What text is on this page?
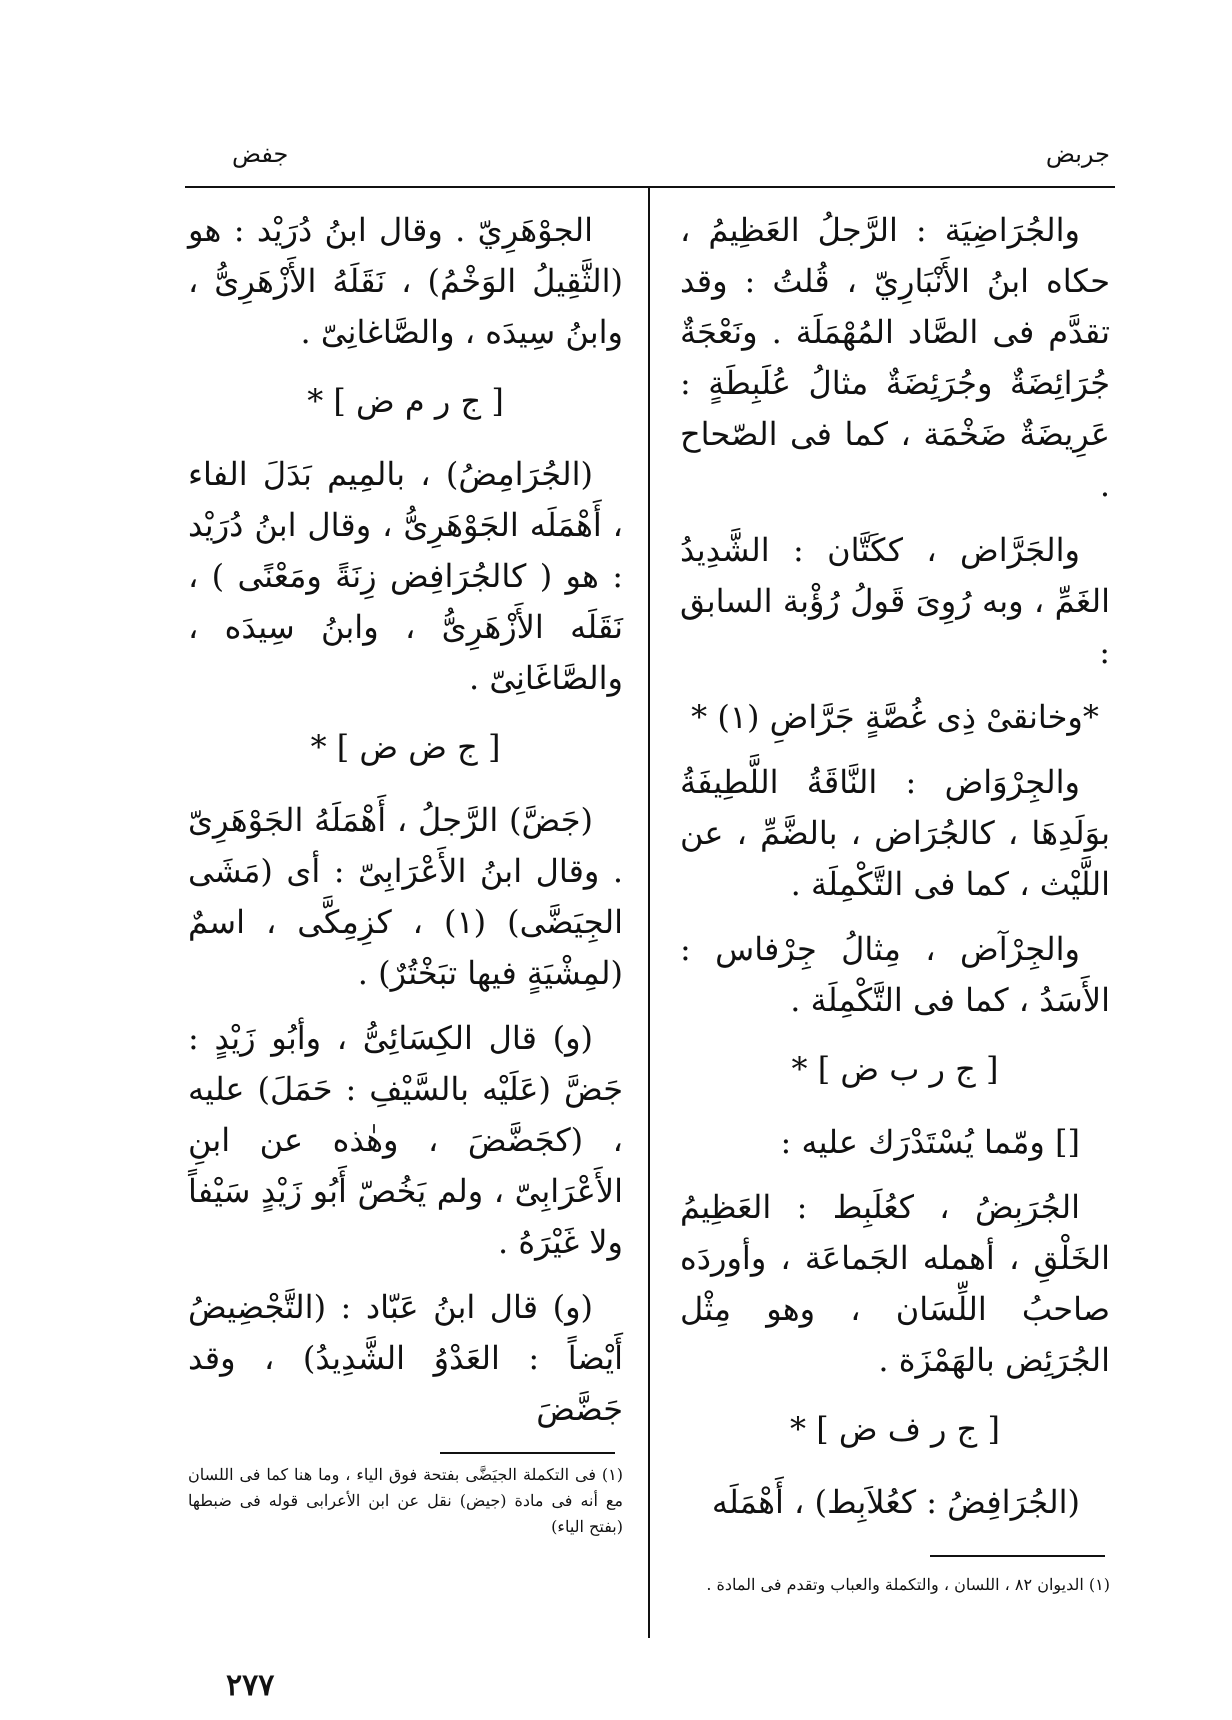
جربض
جفض

والجُرَاضِيَة : الرَّجلُ العَظِيمُ ، حكاه ابنُ الأَنْبَارِيّ ، قُلتُ : وقد تقدَّم فى الصَّاد المُهْمَلَة . ونَعْجَةٌ جُرَائِضَةٌ وجُرَئِضَةٌ مثالُ عُلَبِطَةٍ : عَرِيضَةٌ ضَخْمَة ، كما فى الصّحاح .

والجَرَّاض ، ككَتَّان : الشَّدِيدُ الغَمِّ ، وبه رُوِىَ قَولُ رُؤْبة السابق :

*وخانقىْ ذِى غُصَّةٍ جَرَّاضِ (١) *

والجِرْوَاض : النَّاقَةُ اللَّطِيفَةُ بوَلَدِهَا ، كالجُرَاض ، بالضَّمِّ ، عن اللَّيْث ، كما فى التَّكْمِلَة .

والجِرْآض ، مِثالُ جِرْفاس : الأَسَدُ ، كما فى التَّكْمِلَة .

[ ج ر ب ض ] *

[] ومّما يُسْتَدْرَك عليه :

الجُرَبِضُ ، كعُلَبِط : العَظِيمُ الخَلْقِ ، أهمله الجَماعَة ، وأوردَه صاحبُ اللِّسَان ، وهو مِثْل الجُرَئِض بالهَمْزَة .

[ ج ر ف ض ] *

(الجُرَافِضُ : كعُلاَبِط) ، أَهْمَلَه

الجوْهَرِيّ . وقال ابنُ دُرَيْد : هو (الثَّقِيلُ الوَخْمُ) ، نَقَلَهُ الأَزْهَرِىُّ ، وابنُ سِيدَه ، والصَّاغانِىّ .

[ ج ر م ض ] *

(الجُرَامِضُ) ، بالمِيم بَدَلَ الفاء ، أَهْمَلَه الجَوْهَرِىُّ ، وقال ابنُ دُرَيْد : هو ( كالجُرَافِض زِنَةً ومَعْنًى ) ، نَقَلَه الأَزْهَرِىُّ ، وابنُ سِيدَه ، والصَّاغَانِىّ .

[ ج ض ض ] *

(جَضَّ) الرَّجلُ ، أَهْمَلَهُ الجَوْهَرِىّ . وقال ابنُ الأَعْرَابِىّ : أى (مَشَى الجِيَضَّى) (١) ، كزِمِكَّى ، اسمٌ (لمِشْيَةٍ فيها تبَخْتُرٌ) .

(و) قال الكِسَائِىُّ ، وأبُو زَيْدٍ : جَضَّ (عَلَيْه بالسَّيْفِ : حَمَلَ) عليه ، (كجَضَّضَ ، وهٰذه عن ابنِ الأَعْرَابِىّ ، ولم يَخُصّ أَبُو زَيْدٍ سَيْفاً ولا غَيْرَهُ .

(و) قال ابنُ عَبّاد : (التَّجْضِيضُ أَيْضاً : العَدْوُ الشَّدِيدُ) ، وقد جَضَّضَ

(١) الديوان ٨٢ ، اللسان ، والتكملة والعباب وتقدم فى المادة .
(١) فى التكملة الجيَضَّى بفتحة فوق الياء ، وما هنا كما فى اللسان مع أنه فى مادة (جيض) نقل عن ابن الأعرابى قوله فى ضبطها (بفتح الياء)
٢٧٧
